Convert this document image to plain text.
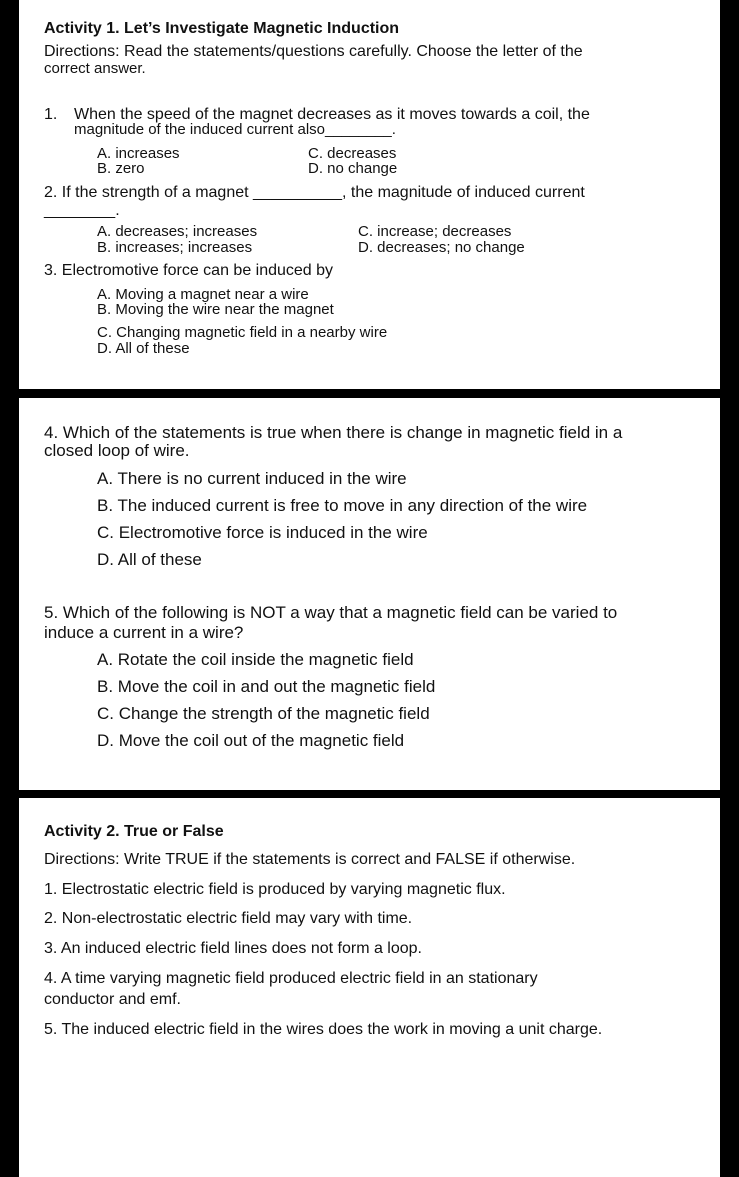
Activity 1. Let’s Investigate Magnetic Induction
Directions: Read the statements/questions carefully. Choose the letter of the
correct answer.
1. When the speed of the magnet decreases as it moves towards a coil, the
magnitude of the induced current also________.
A. increases
B. zero
C. decreases
D. no change
2. If the strength of a magnet __________, the magnitude of induced current
________.
A. decreases; increases
B. increases; increases
C. increase; decreases
D. decreases; no change
3. Electromotive force can be induced by
A. Moving a magnet near a wire
B. Moving the wire near the magnet
C. Changing magnetic field in a nearby wire
D. All of these
4. Which of the statements is true when there is change in magnetic field in a
closed loop of wire.
A. There is no current induced in the wire
B. The induced current is free to move in any direction of the wire
C. Electromotive force is induced in the wire
D. All of these
5. Which of the following is NOT a way that a magnetic field can be varied to
induce a current in a wire?
A. Rotate the coil inside the magnetic field
B. Move the coil in and out the magnetic field
C. Change the strength of the magnetic field
D. Move the coil out of the magnetic field
Activity 2. True or False
Directions: Write TRUE if the statements is correct and FALSE if otherwise.
1. Electrostatic electric field is produced by varying magnetic flux.
2. Non-electrostatic electric field may vary with time.
3. An induced electric field lines does not form a loop.
4. A time varying magnetic field produced electric field in an stationary
conductor and emf.
5. The induced electric field in the wires does the work in moving a unit charge.
